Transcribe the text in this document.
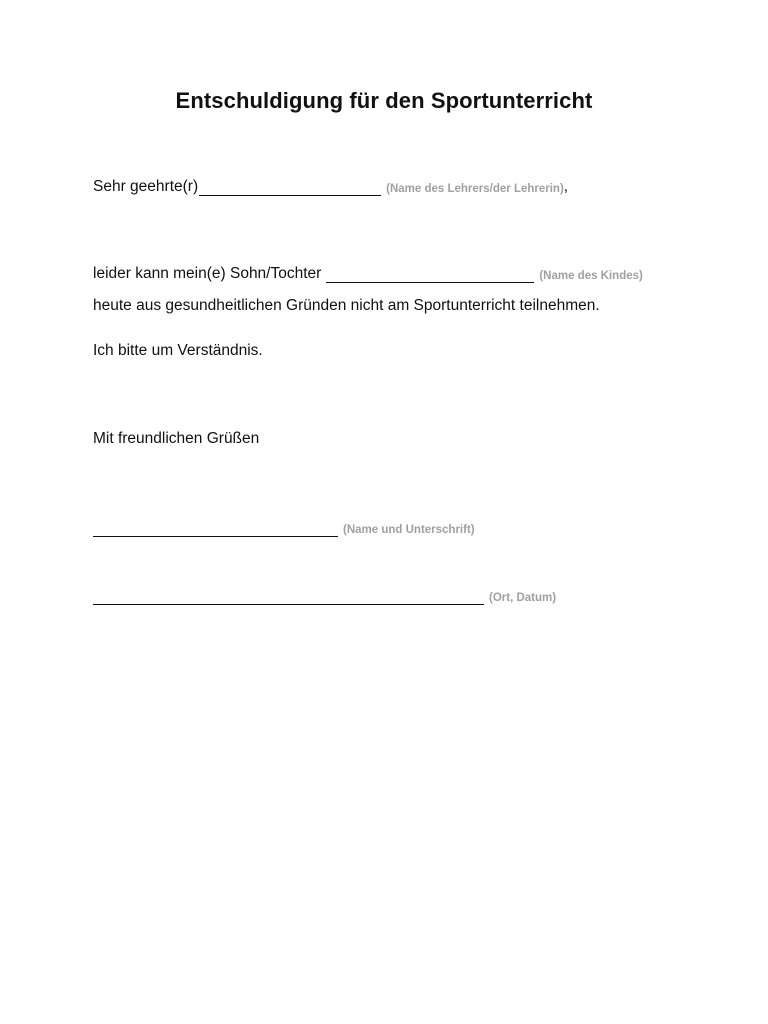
Entschuldigung für den Sportunterricht
Sehr geehrte(r)	(Name des Lehrers/der Lehrerin) ,
leider kann mein(e) Sohn/Tochter	(Name des Kindes)
heute aus gesundheitlichen Gründen nicht am Sportunterricht teilnehmen.
Ich bitte um Verständnis.
Mit freundlichen Grüßen
(Name und Unterschrift)
(Ort, Datum)
